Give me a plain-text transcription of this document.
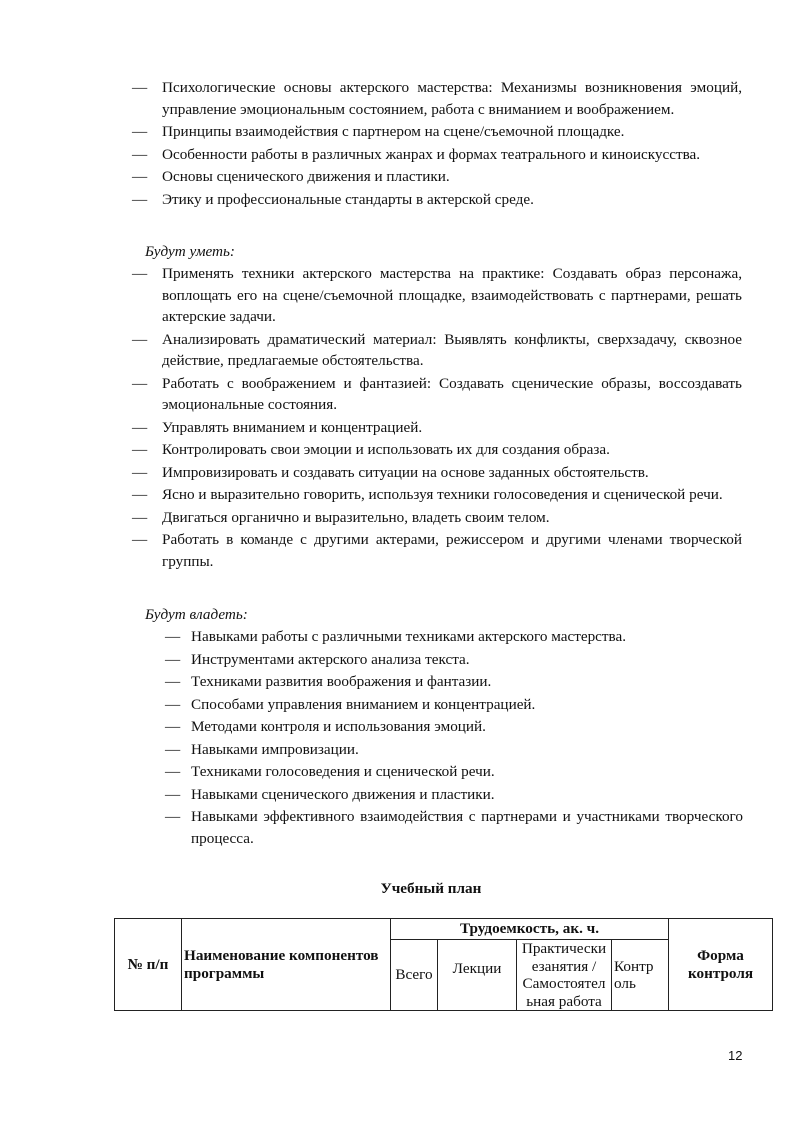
— Психологические основы актерского мастерства: Механизмы возникновения эмоций, управление эмоциональным состоянием, работа с вниманием и воображением.
— Принципы взаимодействия с партнером на сцене/съемочной площадке.
— Особенности работы в различных жанрах и формах театрального и киноискусства.
— Основы сценического движения и пластики.
— Этику и профессиональные стандарты в актерской среде.
Будут уметь:
— Применять техники актерского мастерства на практике: Создавать образ персонажа, воплощать его на сцене/съемочной площадке, взаимодействовать с партнерами, решать актерские задачи.
— Анализировать драматический материал: Выявлять конфликты, сверхзадачу, сквозное действие, предлагаемые обстоятельства.
— Работать с воображением и фантазией: Создавать сценические образы, воссоздавать эмоциональные состояния.
— Управлять вниманием и концентрацией.
— Контролировать свои эмоции и использовать их для создания образа.
— Импровизировать и создавать ситуации на основе заданных обстоятельств.
— Ясно и выразительно говорить, используя техники голосоведения и сценической речи.
— Двигаться органично и выразительно, владеть своим телом.
— Работать в команде с другими актерами, режиссером и другими членами творческой группы.
Будут владеть:
— Навыками работы с различными техниками актерского мастерства.
— Инструментами актерского анализа текста.
— Техниками развития воображения и фантазии.
— Способами управления вниманием и концентрацией.
— Методами контроля и использования эмоций.
— Навыками импровизации.
— Техниками голосоведения и сценической речи.
— Навыками сценического движения и пластики.
— Навыками эффективного взаимодействия с партнерами и участниками творческого процесса.
Учебный план
№ п/п	Наименование компонентов программы	Трудоемкость, ак. ч.				Форма контроля
		Всего	Лекции	Практически езанятия / Самостоятел ьная работа	Контр оль	
12
